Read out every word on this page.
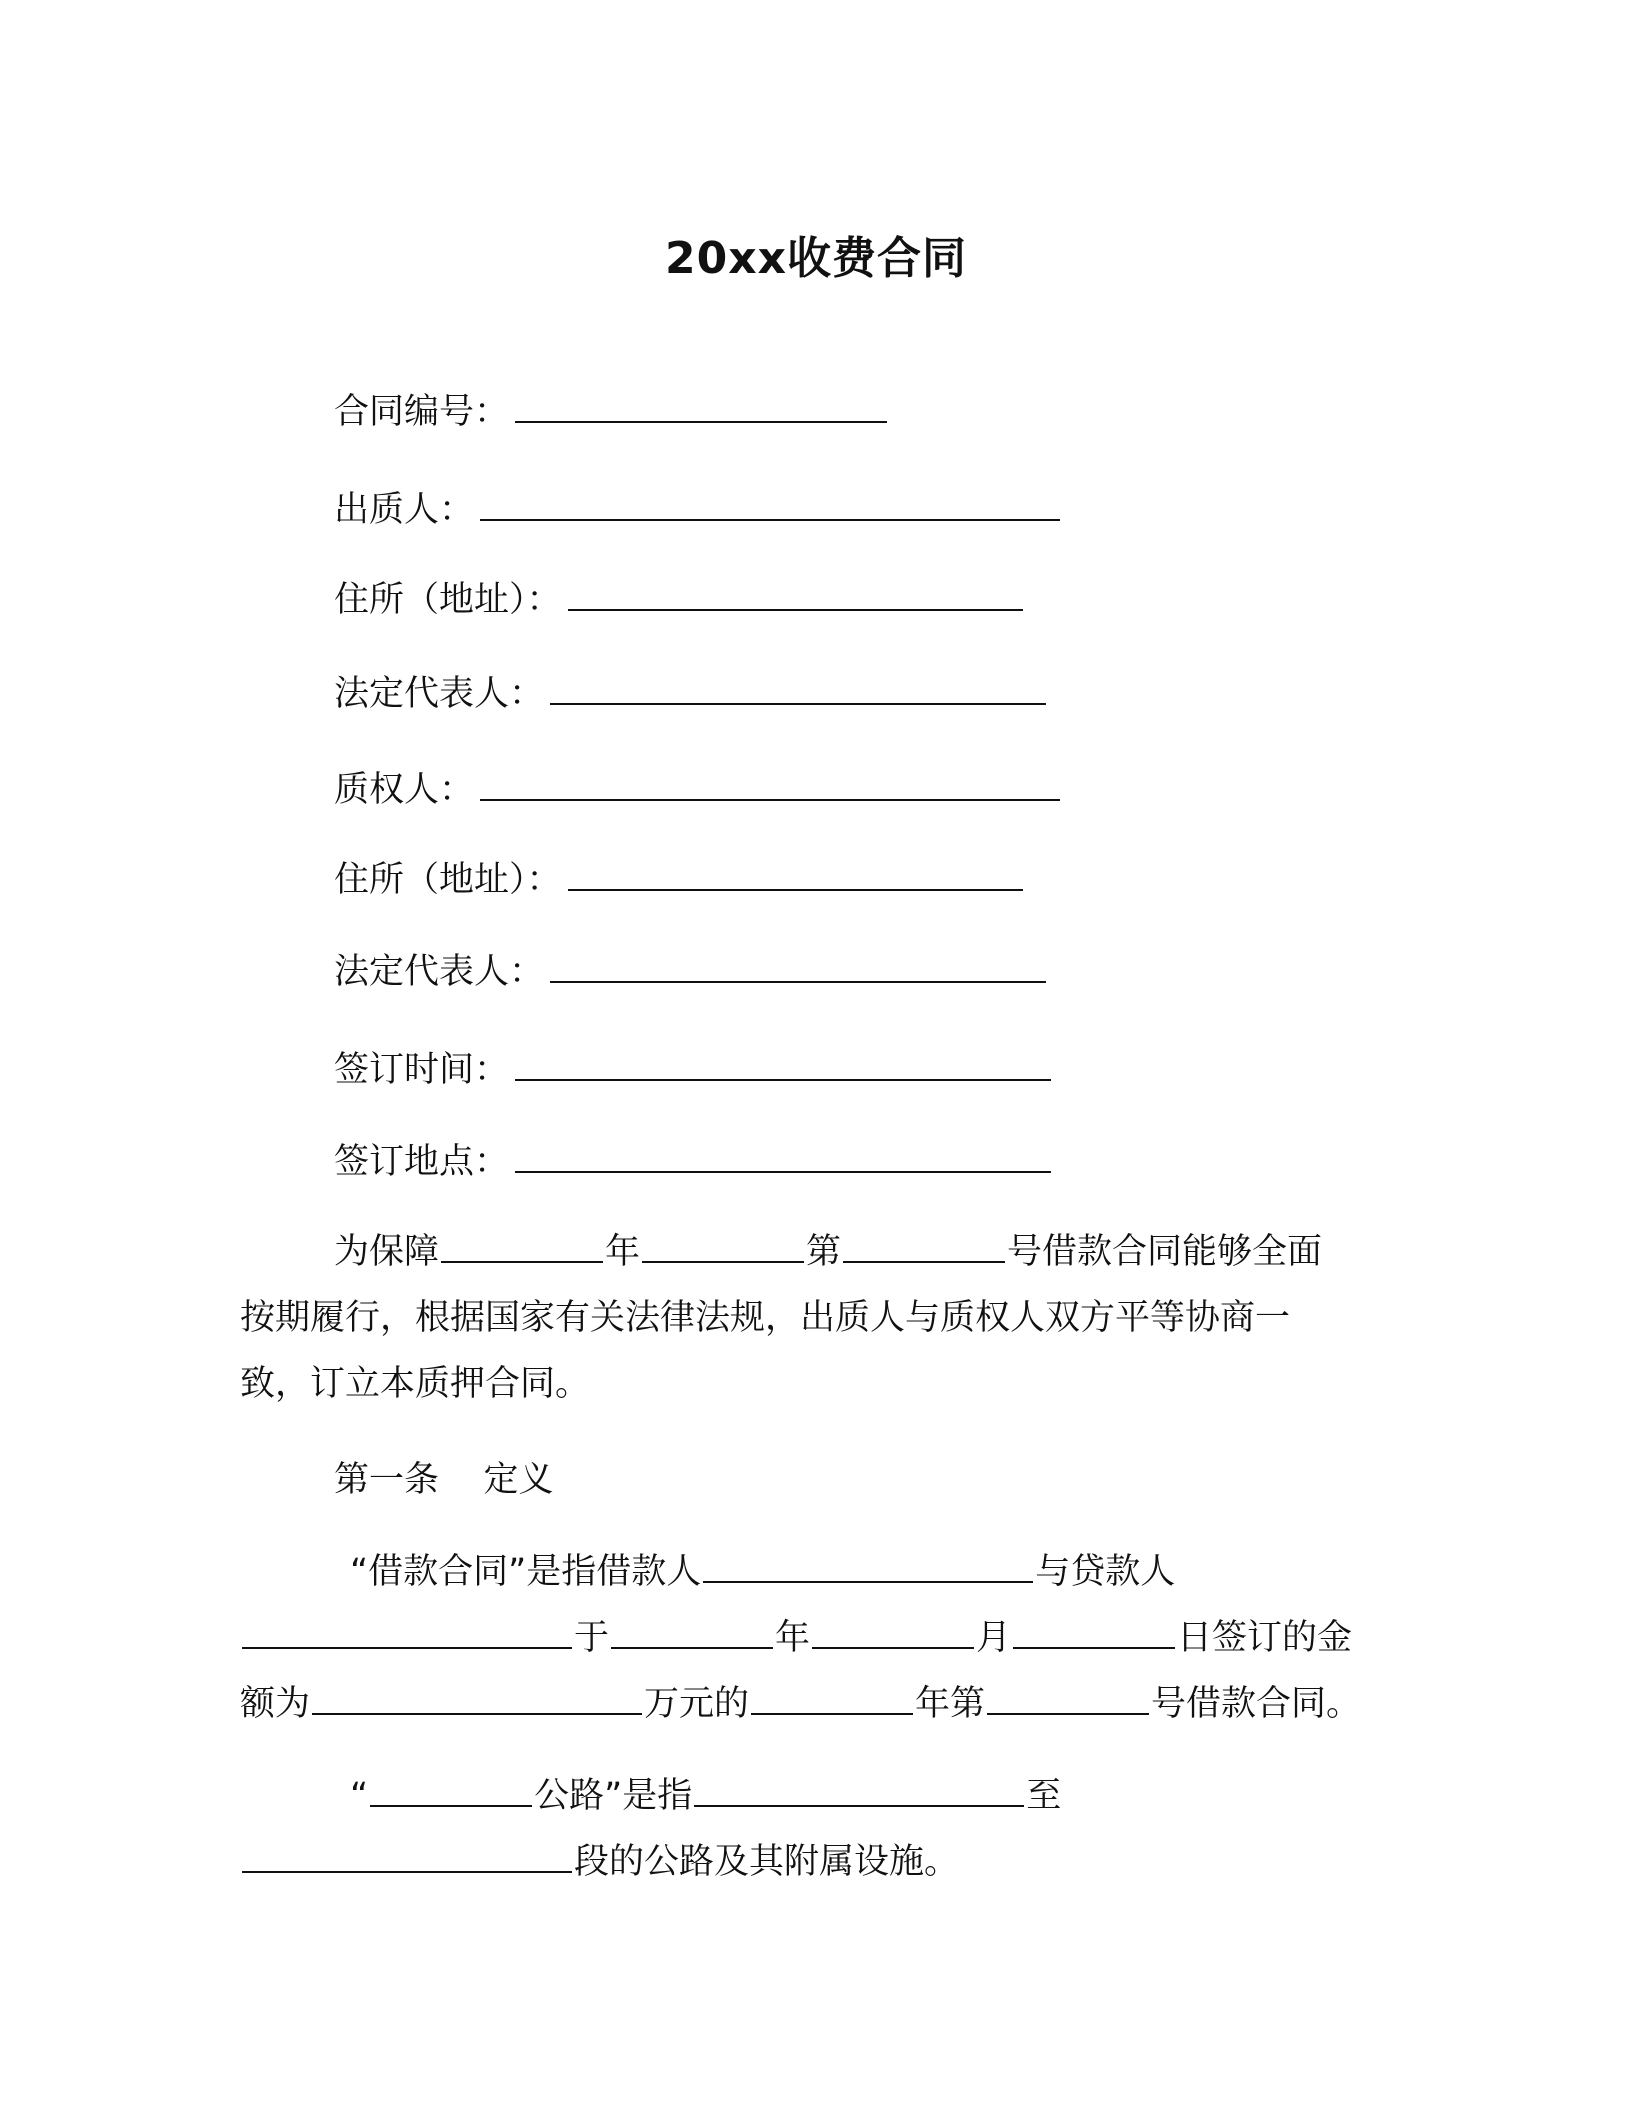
20xx收费合同
合同编号：
出质人：
住所（地址）：
法定代表人：
质权人：
住所（地址）：
法定代表人：
签订时间：
签订地点：
为保障	年	第	号借款合同能够全面
按期履行，根据国家有关法律法规，出质人与质权人双方平等协商一
致，订立本质押合同。
第一条    定义
“借款合同”是指借款人	与贷款人
于	年	月	日签订的金
额为	万元的	年第	号借款合同。
“	公路”是指	至
段的公路及其附属设施。
